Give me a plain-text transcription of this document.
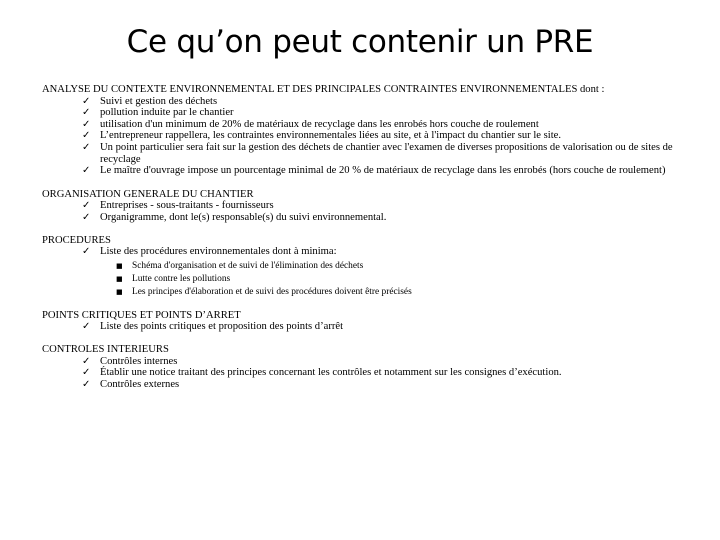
Ce qu’on peut contenir un PRE
ANALYSE DU CONTEXTE ENVIRONNEMENTAL ET DES PRINCIPALES CONTRAINTES ENVIRONNEMENTALES dont :
✓ Suivi et gestion des déchets
✓ pollution induite par le chantier
✓ utilisation d'un minimum de 20% de matériaux de recyclage dans les enrobés hors couche de roulement
✓ L’entrepreneur rappellera, les contraintes environnementales liées au site, et à l'impact du chantier sur le site.
✓ Un point particulier sera fait sur la gestion des déchets de chantier avec l'examen de diverses propositions de valorisation ou de sites de recyclage
✓ Le maître d'ouvrage impose un pourcentage minimal de 20 % de matériaux de recyclage dans les enrobés (hors couche de roulement)
ORGANISATION GENERALE DU CHANTIER
✓ Entreprises - sous-traitants - fournisseurs
✓ Organigramme, dont le(s) responsable(s) du suivi environnemental.
PROCEDURES
✓ Liste des procédures environnementales dont à minima:
■ Schéma d'organisation et de suivi de l'élimination des déchets
■ Lutte contre les pollutions
■ Les principes d'élaboration et de suivi des procédures doivent être précisés
POINTS CRITIQUES ET POINTS D’ARRET
✓ Liste des points critiques et proposition des points d’arrêt
CONTROLES INTERIEURS
✓ Contrôles internes
✓ Établir une notice traitant des principes concernant les contrôles et notamment sur les consignes d’exécution.
✓ Contrôles externes
